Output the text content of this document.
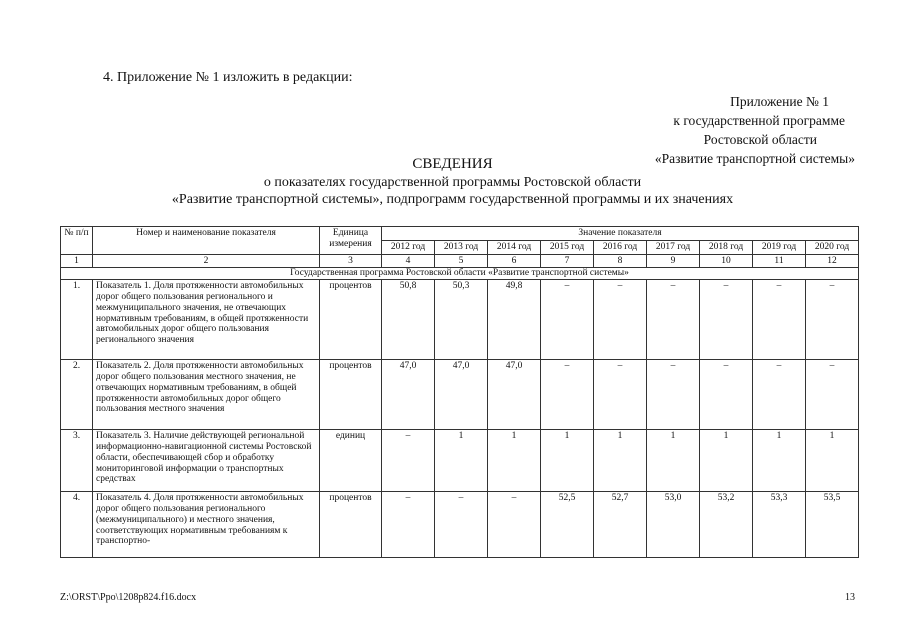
4. Приложение № 1 изложить в редакции:
Приложение № 1
к государственной программе
Ростовской области
«Развитие транспортной системы»
СВЕДЕНИЯ
о показателях государственной программы Ростовской области
«Развитие транспортной системы», подпрограмм государственной программы и их значениях
№ п/п	Номер и наименование показателя	Единица измерения	Значение показателя								
			2012 год	2013 год	2014 год	2015 год	2016 год	2017 год	2018 год	2019 год	2020 год
1	2	3	4	5	6	7	8	9	10	11	12
Государственная программа Ростовской области «Развитие транспортной системы»											
1.	Показатель 1. Доля протяженности автомобильных дорог общего пользования регионального и межмуниципального значения, не отвечающих нормативным требованиям, в общей протяженности автомобильных дорог общего пользования регионального значения	процентов	50,8	50,3	49,8	–	–	–	–	–	–
2.	Показатель 2. Доля протяженности автомобильных дорог общего пользования местного значения, не отвечающих нормативным требованиям, в общей протяженности автомобильных дорог общего пользования местного значения	процентов	47,0	47,0	47,0	–	–	–	–	–	–
3.	Показатель 3. Наличие действующей региональной информационно-навигационной системы Ростовской области, обеспечивающей сбор и обработку мониторинговой информации о транспортных средствах	единиц	–	1	1	1	1	1	1	1	1
4.	Показатель 4. Доля протяженности автомобильных дорог общего пользования регионального (межмуниципального) и местного значения, соответствующих нормативным требованиям к транспортно-	процентов	–	–	–	52,5	52,7	53,0	53,2	53,3	53,5
Z:\ORST\Ppo\1208p824.f16.docx	13
